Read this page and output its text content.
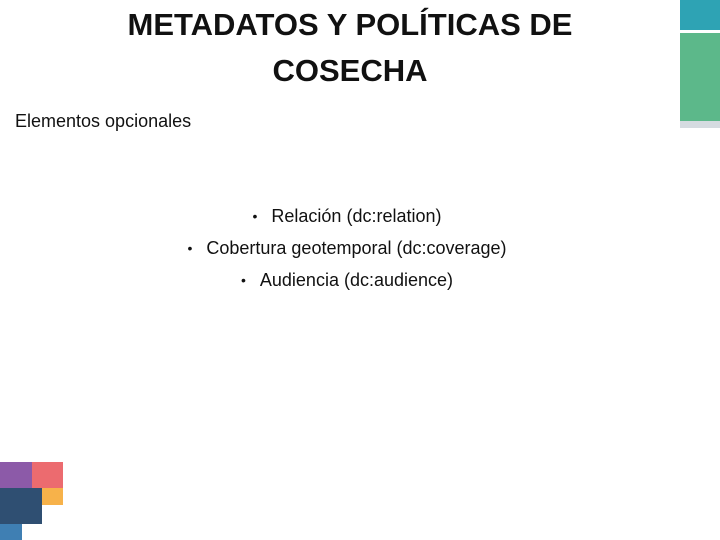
METADATOS Y POLÍTICAS DE
COSECHA
Elementos opcionales
• Relación (dc:relation)
• Cobertura geotemporal (dc:coverage)
• Audiencia (dc:audience)
